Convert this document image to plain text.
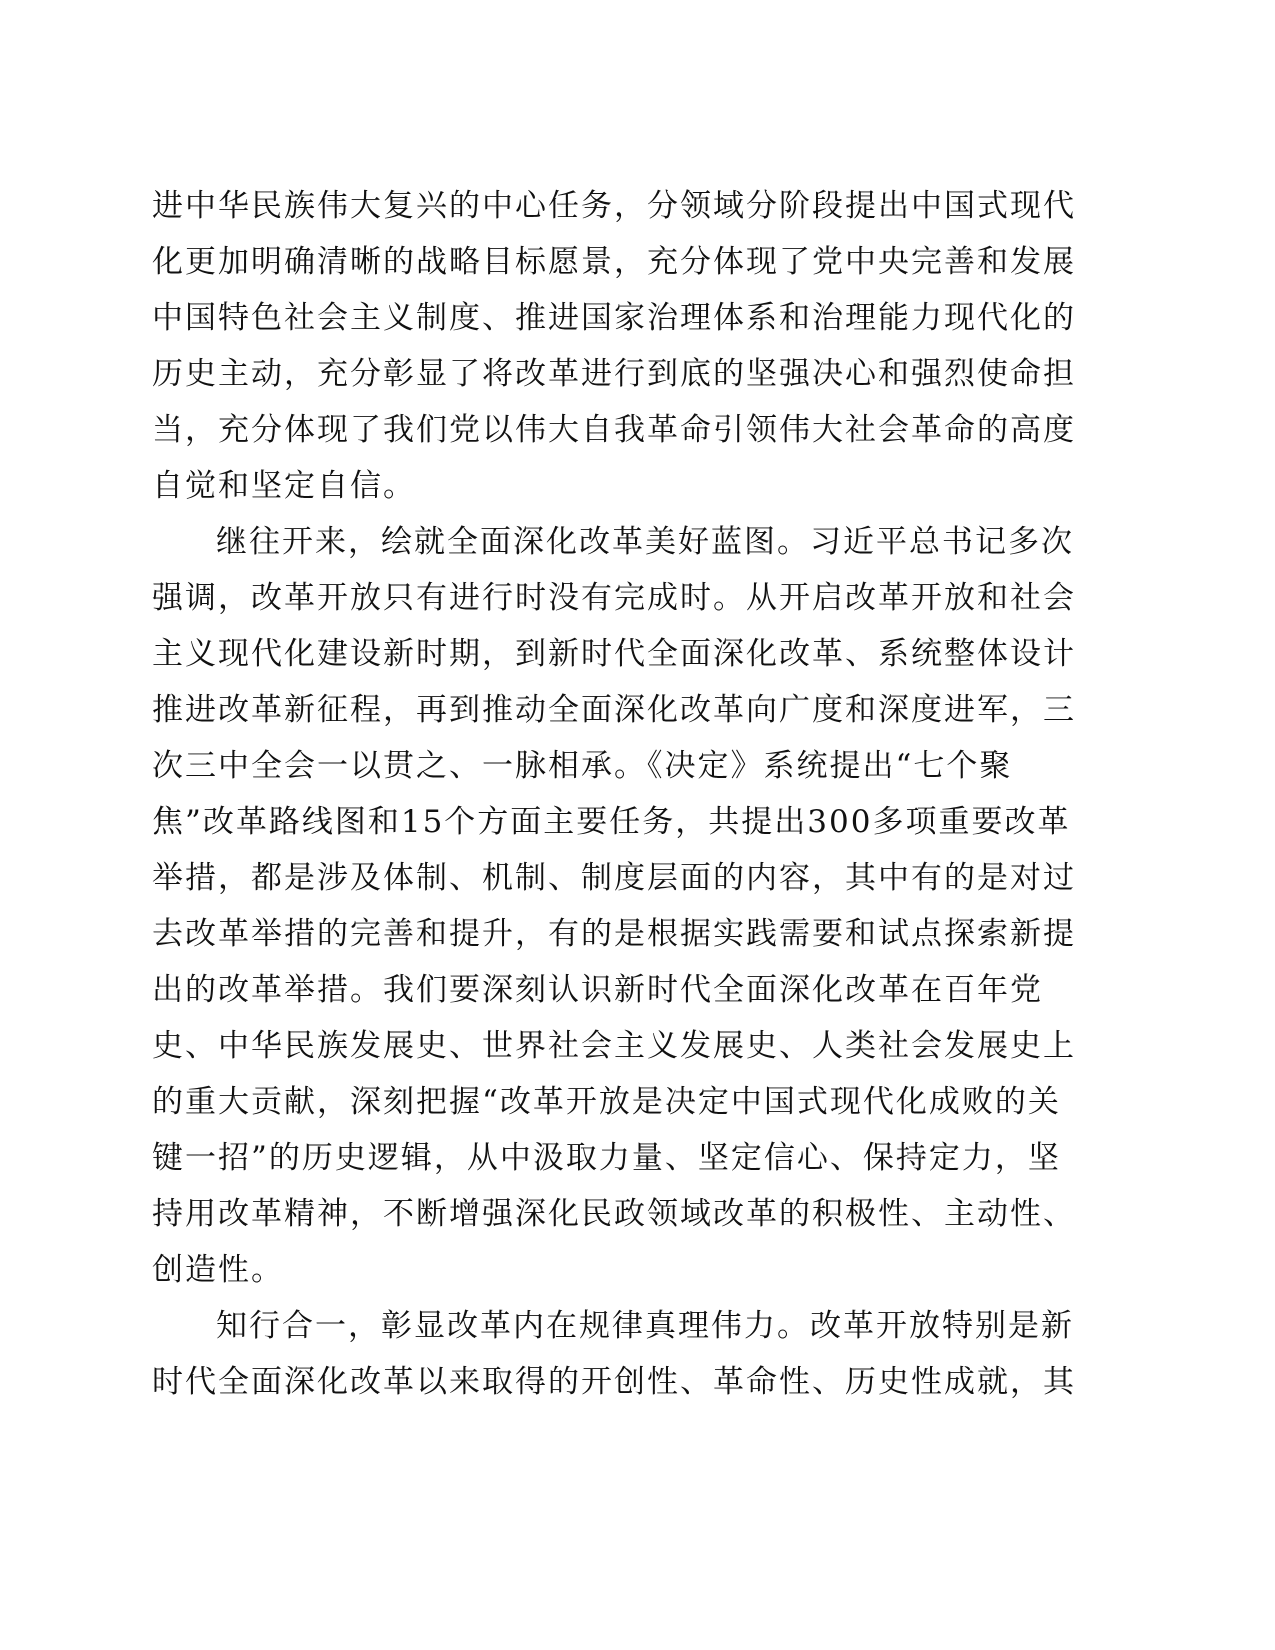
进中华民族伟大复兴的中心任务，分领域分阶段提出中国式现代
化更加明确清晰的战略目标愿景，充分体现了党中央完善和发展
中国特色社会主义制度、推进国家治理体系和治理能力现代化的
历史主动，充分彰显了将改革进行到底的坚强决心和强烈使命担
当，充分体现了我们党以伟大自我革命引领伟大社会革命的高度
自觉和坚定自信。
继往开来，绘就全面深化改革美好蓝图。习近平总书记多次
强调，改革开放只有进行时没有完成时。从开启改革开放和社会
主义现代化建设新时期，到新时代全面深化改革、系统整体设计
推进改革新征程，再到推动全面深化改革向广度和深度进军，三
次三中全会一以贯之、一脉相承。《决定》系统提出“七个聚
焦”改革路线图和15个方面主要任务，共提出300多项重要改革
举措，都是涉及体制、机制、制度层面的内容，其中有的是对过
去改革举措的完善和提升，有的是根据实践需要和试点探索新提
出的改革举措。我们要深刻认识新时代全面深化改革在百年党
史、中华民族发展史、世界社会主义发展史、人类社会发展史上
的重大贡献，深刻把握“改革开放是决定中国式现代化成败的关
键一招”的历史逻辑，从中汲取力量、坚定信心、保持定力，坚
持用改革精神，不断增强深化民政领域改革的积极性、主动性、
创造性。
知行合一，彰显改革内在规律真理伟力。改革开放特别是新
时代全面深化改革以来取得的开创性、革命性、历史性成就，其
